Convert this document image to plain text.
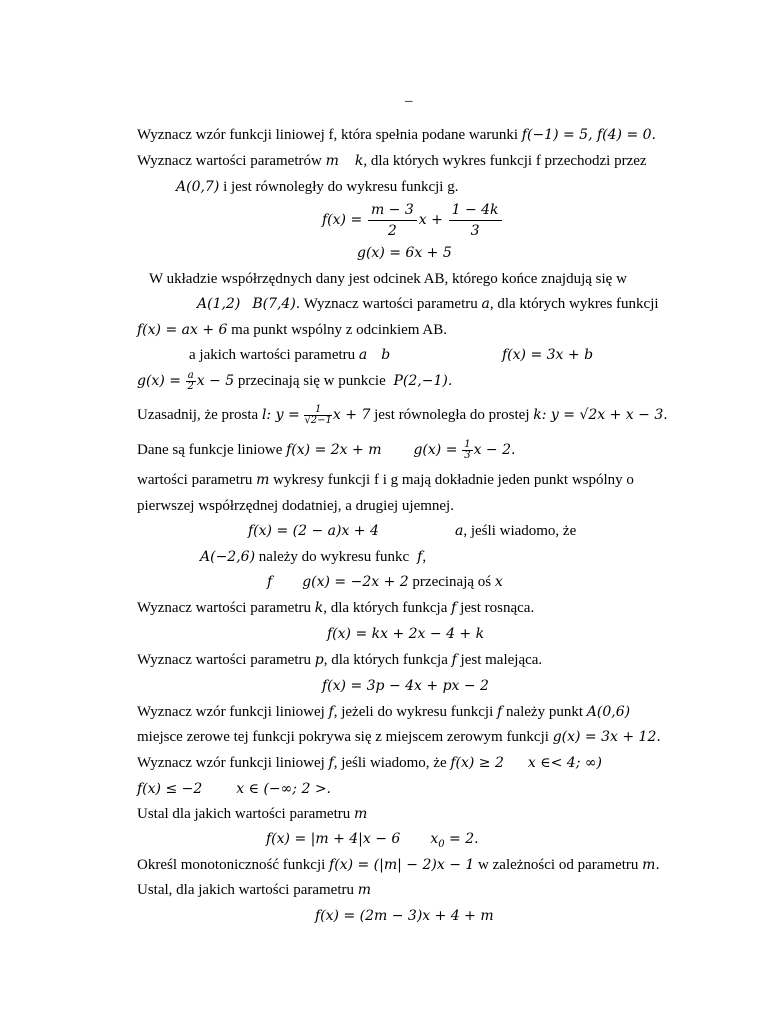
–
Wyznacz wzór funkcji liniowej f, która spełnia podane warunki f(−1) = 5, f(4) = 0.
Wyznacz wartości parametrów m k, dla których wykres funkcji f przechodzi przez
A(0,7) i jest równoległy do wykresu funkcji g.
$f(x) = \frac{m - 3}{2}$ $x + \frac{1 - 4k}{3}$
g(x) = 6x + 5
W układzie współrzędnych dany jest odcinek AB, którego końce znajdują się w
A(1,2) B(7,4). Wyznacz wartości parametru a, dla których wykres funkcji
f(x) = ax + 6 ma punkt wspólny z odcinkiem AB.
a jakich wartości parametru a b	f(x) = 3x + b
$g(x) = \frac{a}{2}$ x − 5 przecinają się w punkcie P(2,−1).
Uzasadnij, że prosta l: $y = \frac{1}{√2-1}$ x + 7 jest równoległa do prostej k: y = √2x + x − 3.
Dane są funkcje liniowe f(x) = 2x + m $g(x) = \frac{1}{3}$ x − 2.
wartości parametru m wykresy funkcji f i g mają dokładnie jeden punkt wspólny o
pierwszej współrzędnej dodatniej, a drugiej ujemnej.
f(x) = (2 − a)x + 4	a, jeśli wiadomo, że
A(−2,6) należy do wykresu funkc f,
f g(x) = −2x + 2 przecinają oś x
Wyznacz wartości parametru k, dla których funkcja f jest rosnąca.
f(x) = kx + 2x − 4 + k
Wyznacz wartości parametru p, dla których funkcja f jest malejąca.
f(x) = 3p − 4x + px − 2
Wyznacz wzór funkcji liniowej f, jeżeli do wykresu funkcji f należy punkt A(0,6)
miejsce zerowe tej funkcji pokrywa się z miejscem zerowym funkcji g(x) = 3x + 12.
Wyznacz wzór funkcji liniowej f, jeśli wiadomo, że f(x) ≥ 2 x ∈< 4; ∞)
f(x) ≤ −2 x ∈ (−∞; 2 >.
Ustal dla jakich wartości parametru m
f(x) = |m + 4|x − 6 $x_0 = 2$.
Określ monotoniczność funkcji f(x) = (|m| − 2)x − 1 w zależności od parametru m.
Ustal, dla jakich wartości parametru m
f(x) = (2m − 3)x + 4 + m
